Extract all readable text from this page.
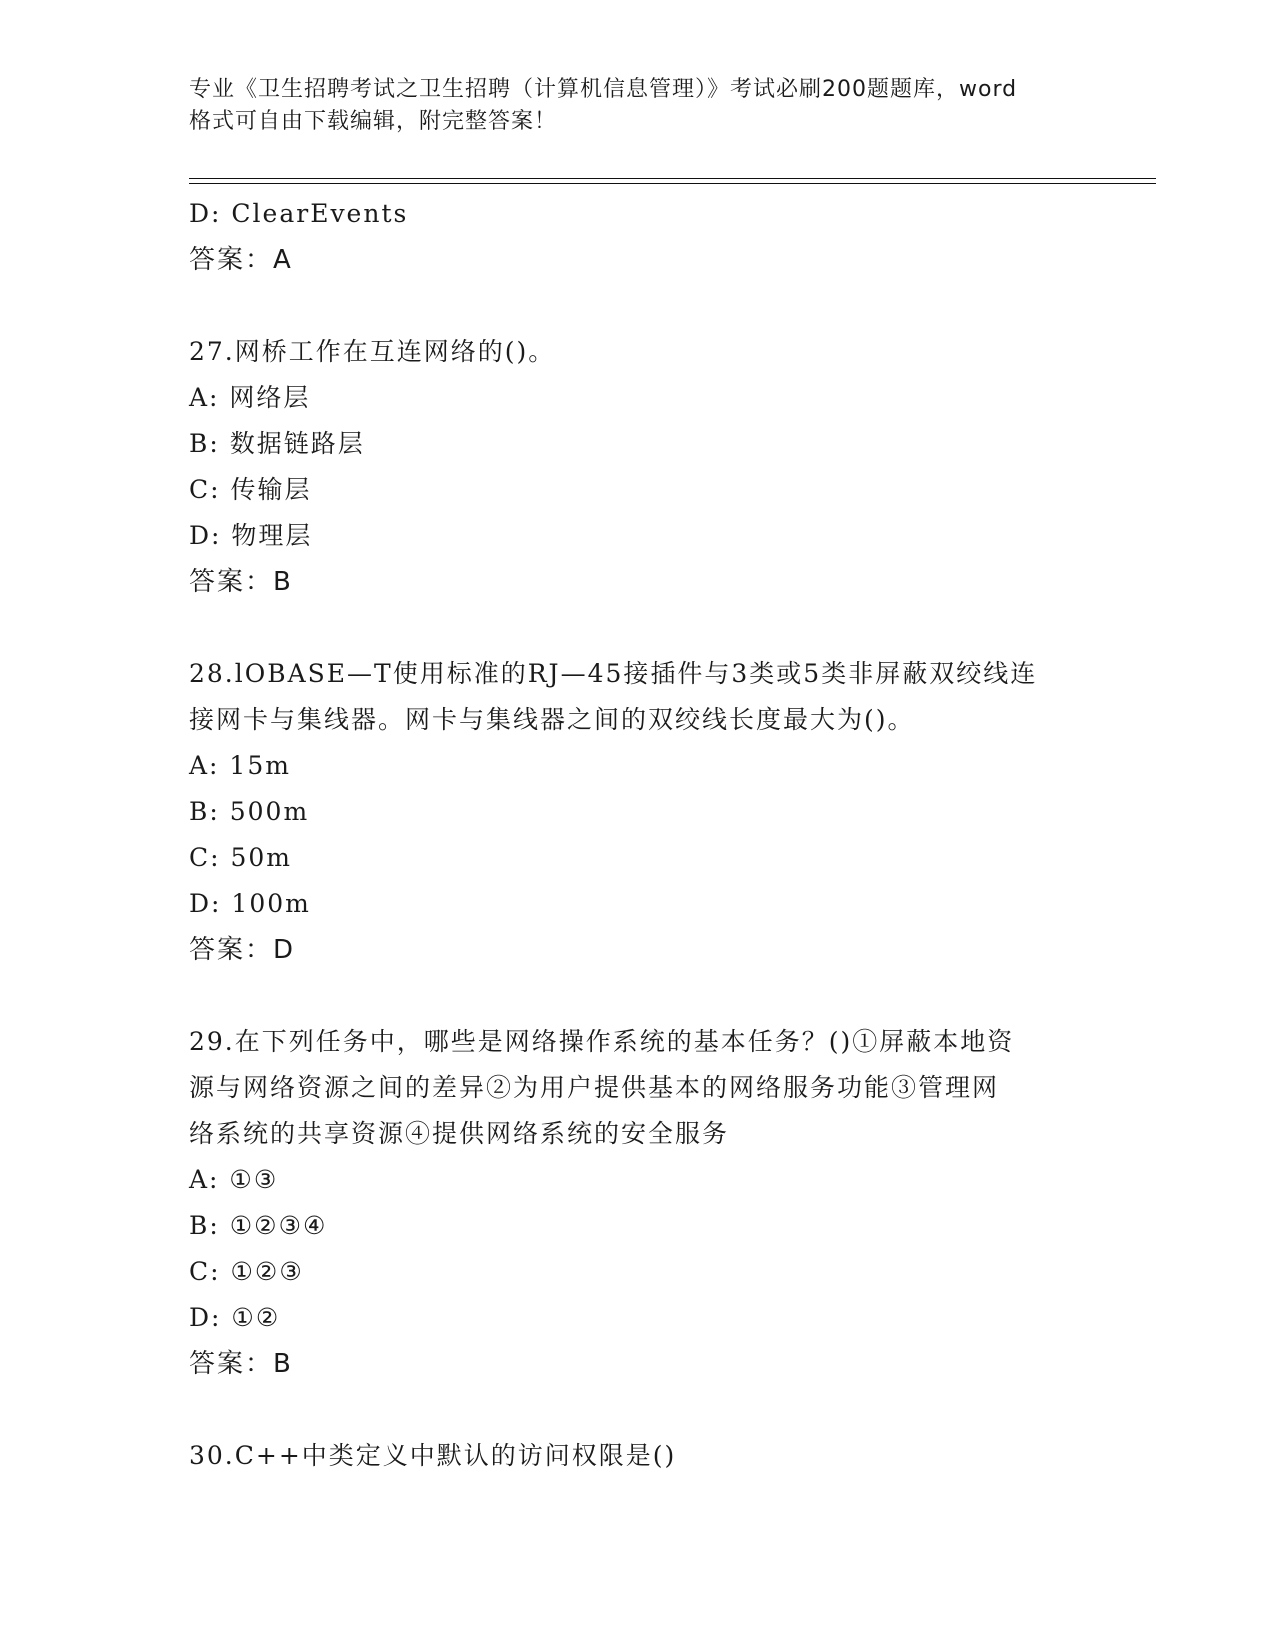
专业《卫生招聘考试之卫生招聘（计算机信息管理）》考试必刷200题题库，word
格式可自由下载编辑，附完整答案！
D: ClearEvents
答案：A
27.网桥工作在互连网络的()。
A: 网络层
B: 数据链路层
C: 传输层
D: 物理层
答案：B
28.lOBASE—T使用标准的RJ—45接插件与3类或5类非屏蔽双绞线连
接网卡与集线器。网卡与集线器之间的双绞线长度最大为()。
A: 15m
B: 500m
C: 50m
D: 100m
答案：D
29.在下列任务中，哪些是网络操作系统的基本任务？()①屏蔽本地资
源与网络资源之间的差异②为用户提供基本的网络服务功能③管理网
络系统的共享资源④提供网络系统的安全服务
A: ①③
B: ①②③④
C: ①②③
D: ①②
答案：B
30.C++中类定义中默认的访问权限是()
